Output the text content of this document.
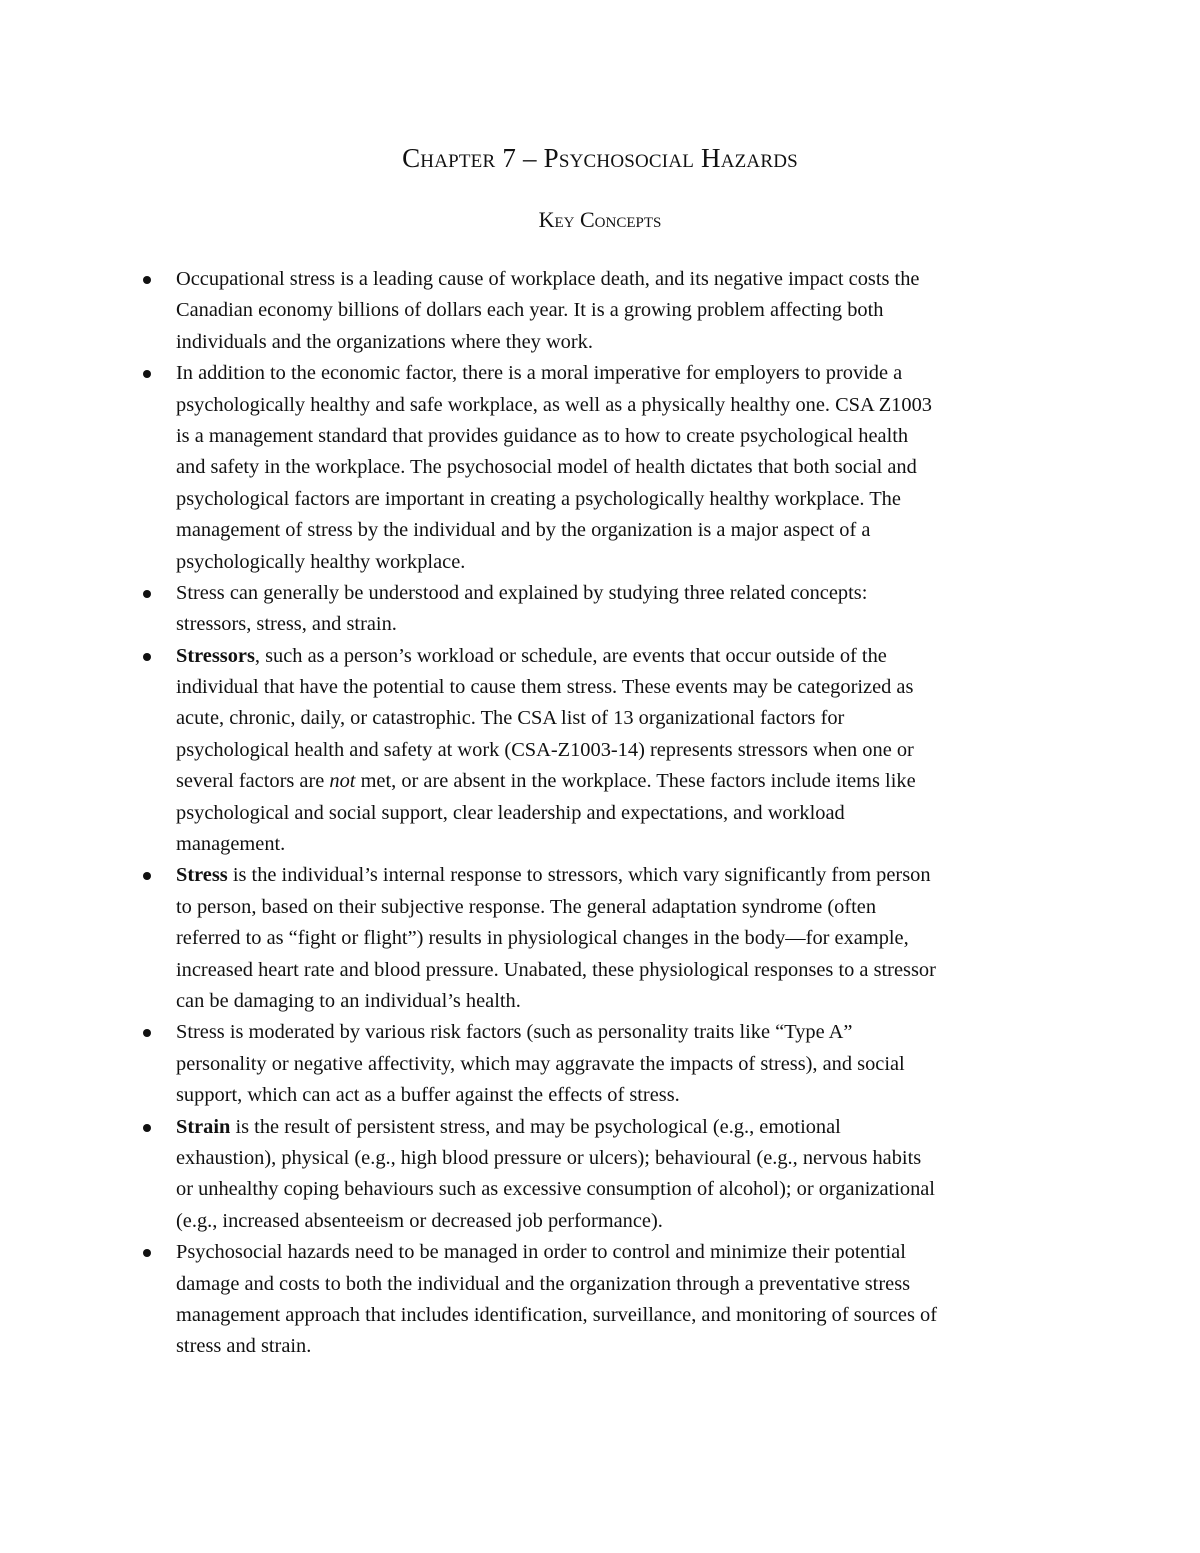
Chapter 7 – Psychosocial Hazards
Key Concepts
Occupational stress is a leading cause of workplace death, and its negative impact costs the
Canadian economy billions of dollars each year. It is a growing problem affecting both
individuals and the organizations where they work.
In addition to the economic factor, there is a moral imperative for employers to provide a
psychologically healthy and safe workplace, as well as a physically healthy one. CSA Z1003
is a management standard that provides guidance as to how to create psychological health
and safety in the workplace. The psychosocial model of health dictates that both social and
psychological factors are important in creating a psychologically healthy workplace. The
management of stress by the individual and by the organization is a major aspect of a
psychologically healthy workplace.
Stress can generally be understood and explained by studying three related concepts:
stressors, stress, and strain.
Stressors, such as a person’s workload or schedule, are events that occur outside of the
individual that have the potential to cause them stress. These events may be categorized as
acute, chronic, daily, or catastrophic. The CSA list of 13 organizational factors for
psychological health and safety at work (CSA-Z1003-14) represents stressors when one or
several factors are not met, or are absent in the workplace. These factors include items like
psychological and social support, clear leadership and expectations, and workload
management.
Stress is the individual’s internal response to stressors, which vary significantly from person
to person, based on their subjective response. The general adaptation syndrome (often
referred to as “fight or flight”) results in physiological changes in the body—for example,
increased heart rate and blood pressure. Unabated, these physiological responses to a stressor
can be damaging to an individual’s health.
Stress is moderated by various risk factors (such as personality traits like “Type A”
personality or negative affectivity, which may aggravate the impacts of stress), and social
support, which can act as a buffer against the effects of stress.
Strain is the result of persistent stress, and may be psychological (e.g., emotional
exhaustion), physical (e.g., high blood pressure or ulcers); behavioural (e.g., nervous habits
or unhealthy coping behaviours such as excessive consumption of alcohol); or organizational
(e.g., increased absenteeism or decreased job performance).
Psychosocial hazards need to be managed in order to control and minimize their potential
damage and costs to both the individual and the organization through a preventative stress
management approach that includes identification, surveillance, and monitoring of sources of
stress and strain.
